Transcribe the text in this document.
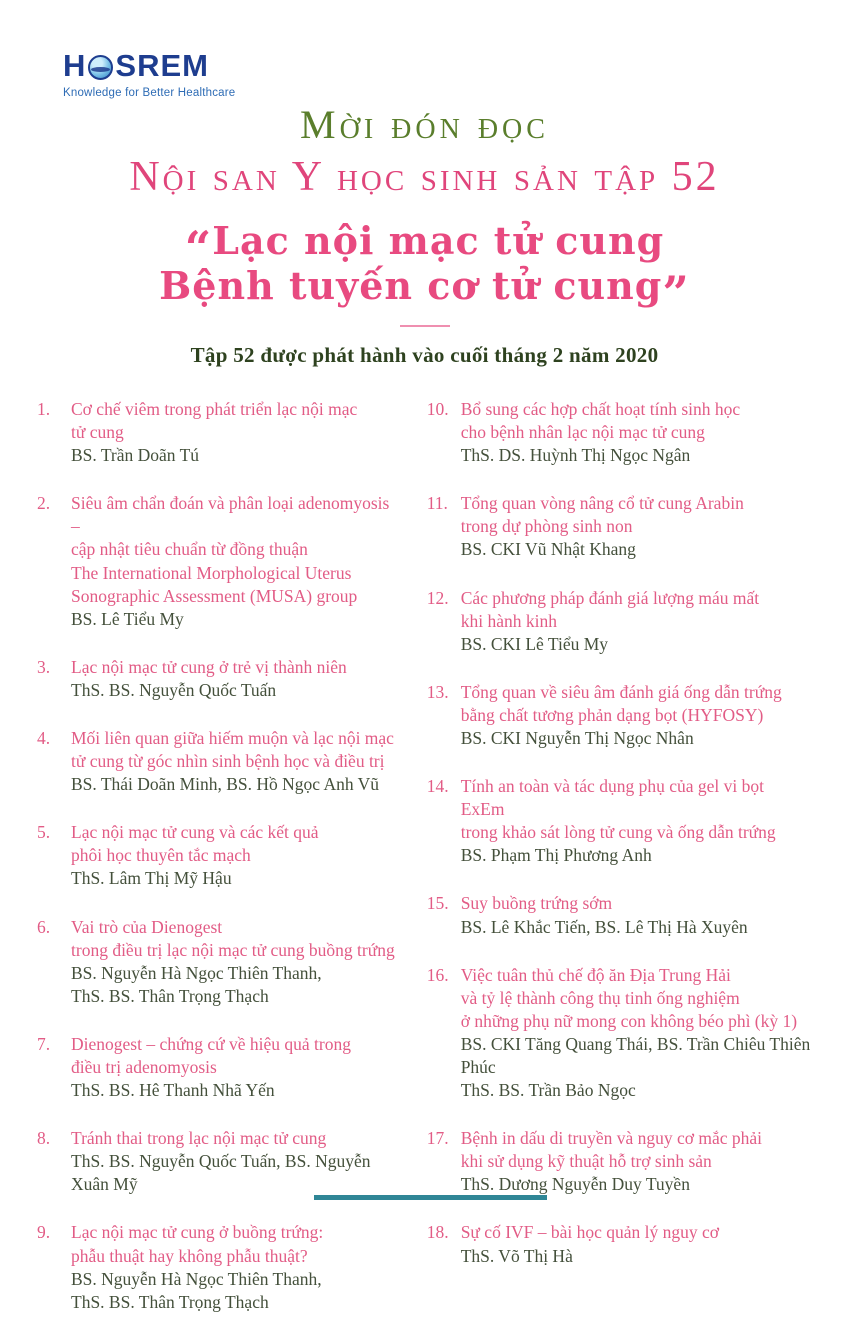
H SREM
Knowledge for Better Healthcare
Mời đón đọc
Nội san Y học sinh sản tập 52
“Lạc nội mạc tử cung
Bệnh tuyến cơ tử cung”
Tập 52 được phát hành vào cuối tháng 2 năm 2020
1.	Cơ chế viêm trong phát triển lạc nội mạc
tử cung
BS. Trần Doãn Tú
2.	Siêu âm chẩn đoán và phân loại adenomyosis –
cập nhật tiêu chuẩn từ đồng thuận
The International Morphological Uterus
Sonographic Assessment (MUSA) group
BS. Lê Tiểu My
3.	Lạc nội mạc tử cung ở trẻ vị thành niên
ThS. BS. Nguyễn Quốc Tuấn
4.	Mối liên quan giữa hiếm muộn và lạc nội mạc
tử cung từ góc nhìn sinh bệnh học và điều trị
BS. Thái Doãn Minh, BS. Hồ Ngọc Anh Vũ
5.	Lạc nội mạc tử cung và các kết quả
phôi học thuyên tắc mạch
ThS. Lâm Thị Mỹ Hậu
6.	Vai trò của Dienogest
trong điều trị lạc nội mạc tử cung buồng trứng
BS. Nguyễn Hà Ngọc Thiên Thanh,
ThS. BS. Thân Trọng Thạch
7.	Dienogest – chứng cứ về hiệu quả trong
điều trị adenomyosis
ThS. BS. Hê Thanh Nhã Yến
8.	Tránh thai trong lạc nội mạc tử cung
ThS. BS. Nguyễn Quốc Tuấn, BS. Nguyễn Xuân Mỹ
9.	Lạc nội mạc tử cung ở buồng trứng:
phẫu thuật hay không phẫu thuật?
BS. Nguyễn Hà Ngọc Thiên Thanh,
ThS. BS. Thân Trọng Thạch
10. Bổ sung các hợp chất hoạt tính sinh học
cho bệnh nhân lạc nội mạc tử cung
ThS. DS. Huỳnh Thị Ngọc Ngân
11. Tổng quan vòng nâng cổ tử cung Arabin
trong dự phòng sinh non
BS. CKI Vũ Nhật Khang
12. Các phương pháp đánh giá lượng máu mất
khi hành kinh
BS. CKI Lê Tiểu My
13. Tổng quan về siêu âm đánh giá ống dẫn trứng
bằng chất tương phản dạng bọt (HYFOSY)
BS. CKI Nguyễn Thị Ngọc Nhân
14. Tính an toàn và tác dụng phụ của gel vi bọt ExEm
trong khảo sát lòng tử cung và ống dẫn trứng
BS. Phạm Thị Phương Anh
15. Suy buồng trứng sớm
BS. Lê Khắc Tiến, BS. Lê Thị Hà Xuyên
16. Việc tuân thủ chế độ ăn Địa Trung Hải
và tỷ lệ thành công thụ tinh ống nghiệm
ở những phụ nữ mong con không béo phì (kỳ 1)
BS. CKI Tăng Quang Thái, BS. Trần Chiêu Thiên Phúc
ThS. BS. Trần Bảo Ngọc
17. Bệnh in dấu di truyền và nguy cơ mắc phải
khi sử dụng kỹ thuật hỗ trợ sinh sản
ThS. Dương Nguyễn Duy Tuyền
18. Sự cố IVF – bài học quản lý nguy cơ
ThS. Võ Thị Hà
